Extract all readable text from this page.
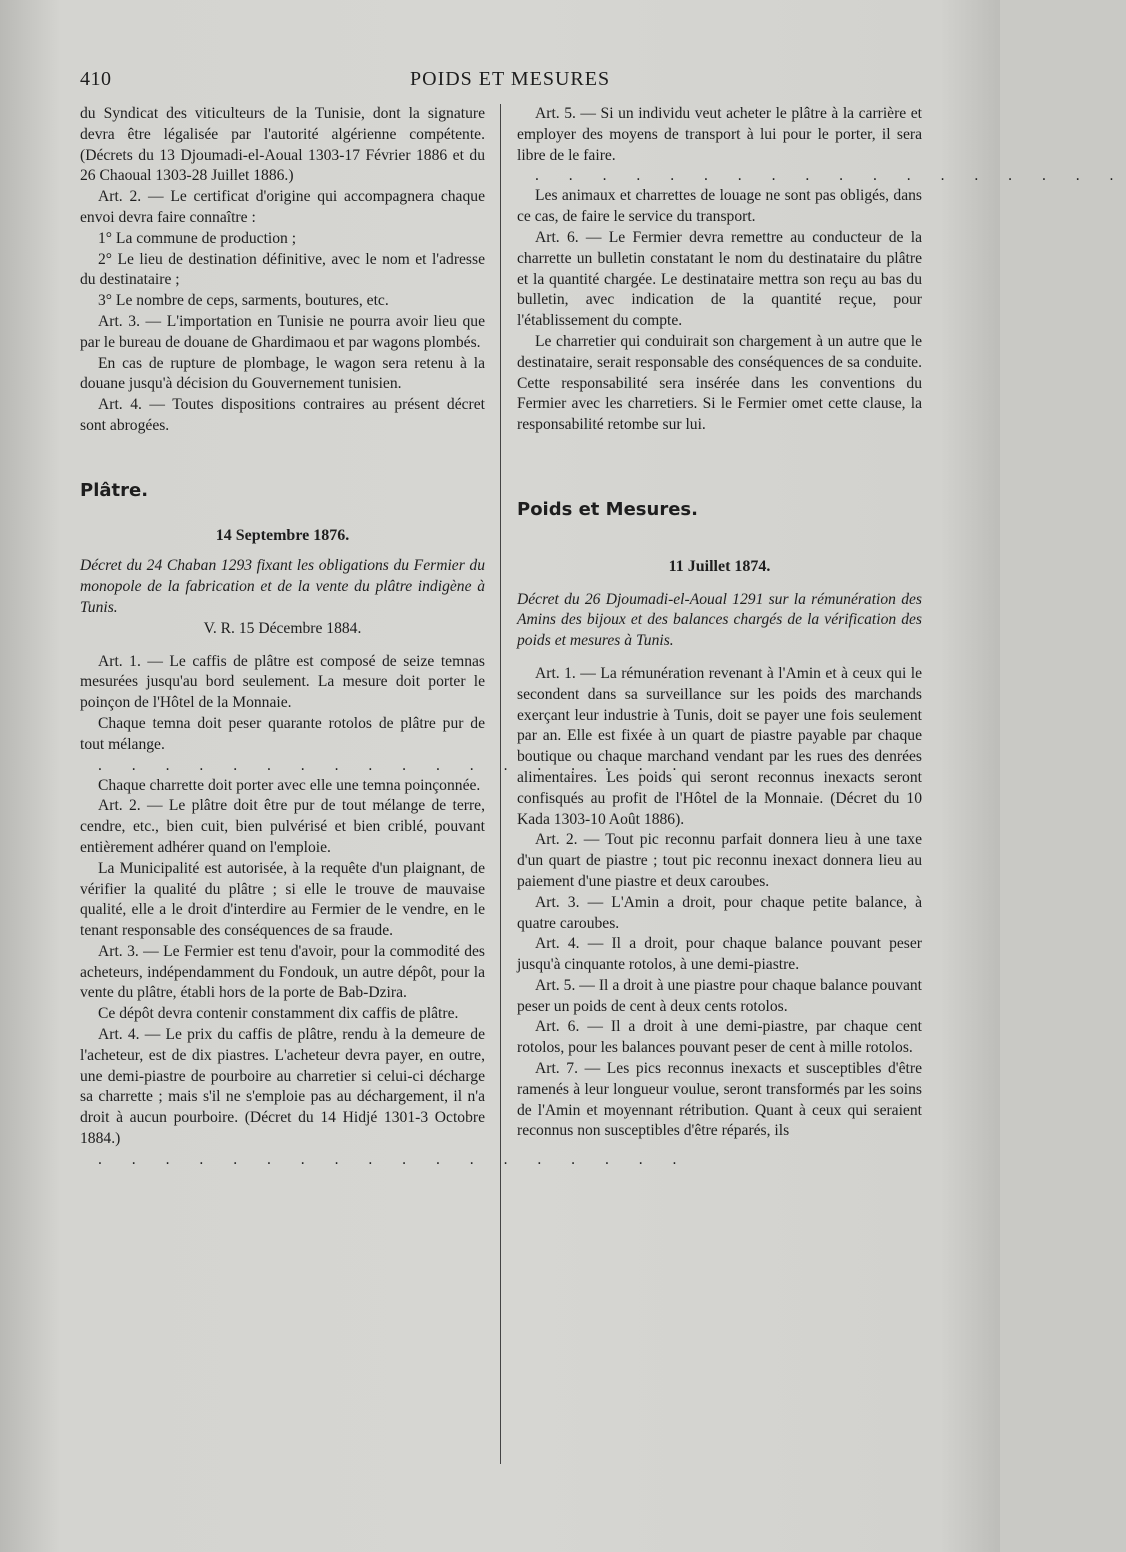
410	POIDS ET MESURES

du Syndicat des viticulteurs de la Tunisie, dont la signature devra être légalisée par l'autorité algérienne compétente. (Décrets du 13 Djoumadi-el-Aoual 1303-17 Février 1886 et du 26 Chaoual 1303-28 Juillet 1886.)

Art. 2. — Le certificat d'origine qui accompagnera chaque envoi devra faire connaître :

1° La commune de production ;

2° Le lieu de destination définitive, avec le nom et l'adresse du destinataire ;

3° Le nombre de ceps, sarments, boutures, etc.

Art. 3. — L'importation en Tunisie ne pourra avoir lieu que par le bureau de douane de Ghardimaou et par wagons plombés.

En cas de rupture de plombage, le wagon sera retenu à la douane jusqu'à décision du Gouvernement tunisien.

Art. 4. — Toutes dispositions contraires au présent décret sont abrogées.

Plâtre.

14 Septembre 1876.

Décret du 24 Chaban 1293 fixant les obligations du Fermier du monopole de la fabrication et de la vente du plâtre indigène à Tunis.

V. R. 15 Décembre 1884.

Art. 1. — Le caffis de plâtre est composé de seize temnas mesurées jusqu'au bord seulement. La mesure doit porter le poinçon de l'Hôtel de la Monnaie.

Chaque temna doit peser quarante rotolos de plâtre pur de tout mélange.

. . . . . . . . . . . . . . . . . .

Chaque charrette doit porter avec elle une temna poinçonnée.

Art. 2. — Le plâtre doit être pur de tout mélange de terre, cendre, etc., bien cuit, bien pulvérisé et bien criblé, pouvant entièrement adhérer quand on l'emploie.

La Municipalité est autorisée, à la requête d'un plaignant, de vérifier la qualité du plâtre ; si elle le trouve de mauvaise qualité, elle a le droit d'interdire au Fermier de le vendre, en le tenant responsable des conséquences de sa fraude.

Art. 3. — Le Fermier est tenu d'avoir, pour la commodité des acheteurs, indépendamment du Fondouk, un autre dépôt, pour la vente du plâtre, établi hors de la porte de Bab-Dzira.

Ce dépôt devra contenir constamment dix caffis de plâtre.

Art. 4. — Le prix du caffis de plâtre, rendu à la demeure de l'acheteur, est de dix piastres. L'acheteur devra payer, en outre, une demi-piastre de pourboire au charretier si celui-ci décharge sa charrette ; mais s'il ne s'emploie pas au déchargement, il n'a droit à aucun pourboire. (Décret du 14 Hidjé 1301-3 Octobre 1884.)

. . . . . . . . . . . . . . . . . .

Art. 5. — Si un individu veut acheter le plâtre à la carrière et employer des moyens de transport à lui pour le porter, il sera libre de le faire.

. . . . . . . . . . . . . . . . . .

Les animaux et charrettes de louage ne sont pas obligés, dans ce cas, de faire le service du transport.

Art. 6. — Le Fermier devra remettre au conducteur de la charrette un bulletin constatant le nom du destinataire du plâtre et la quantité chargée. Le destinataire mettra son reçu au bas du bulletin, avec indication de la quantité reçue, pour l'établissement du compte.

Le charretier qui conduirait son chargement à un autre que le destinataire, serait responsable des conséquences de sa conduite. Cette responsabilité sera insérée dans les conventions du Fermier avec les charretiers. Si le Fermier omet cette clause, la responsabilité retombe sur lui.

Poids et Mesures.

11 Juillet 1874.

Décret du 26 Djoumadi-el-Aoual 1291 sur la rémunération des Amins des bijoux et des balances chargés de la vérification des poids et mesures à Tunis.

Art. 1. — La rémunération revenant à l'Amin et à ceux qui le secondent dans sa surveillance sur les poids des marchands exerçant leur industrie à Tunis, doit se payer une fois seulement par an. Elle est fixée à un quart de piastre payable par chaque boutique ou chaque marchand vendant par les rues des denrées alimentaires. Les poids qui seront reconnus inexacts seront confisqués au profit de l'Hôtel de la Monnaie. (Décret du 10 Kada 1303-10 Août 1886).

Art. 2. — Tout pic reconnu parfait donnera lieu à une taxe d'un quart de piastre ; tout pic reconnu inexact donnera lieu au paiement d'une piastre et deux caroubes.

Art. 3. — L'Amin a droit, pour chaque petite balance, à quatre caroubes.

Art. 4. — Il a droit, pour chaque balance pouvant peser jusqu'à cinquante rotolos, à une demi-piastre.

Art. 5. — Il a droit à une piastre pour chaque balance pouvant peser un poids de cent à deux cents rotolos.

Art. 6. — Il a droit à une demi-piastre, par chaque cent rotolos, pour les balances pouvant peser de cent à mille rotolos.

Art. 7. — Les pics reconnus inexacts et susceptibles d'être ramenés à leur longueur voulue, seront transformés par les soins de l'Amin et moyennant rétribution. Quant à ceux qui seraient reconnus non susceptibles d'être réparés, ils
